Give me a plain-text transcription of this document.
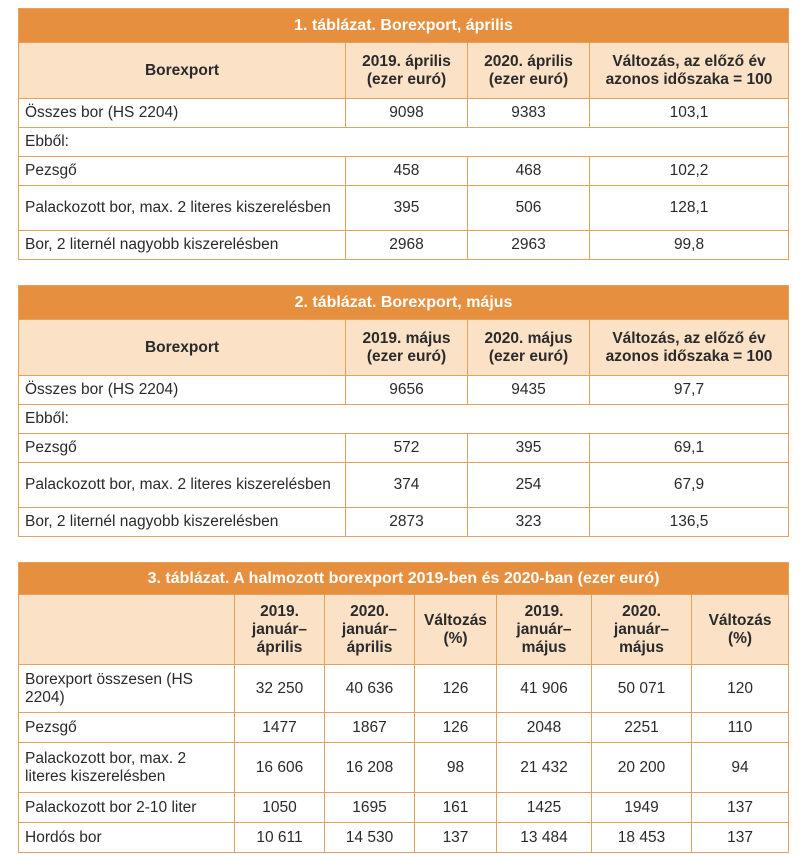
1. táblázat. Borexport, április			
Borexport	2019. április (ezer euró)	2020. április (ezer euró)	Változás, az előző év azonos időszaka = 100
Összes bor (HS 2204)	9098	9383	103,1
Ebből:			
Pezsgő	458	468	102,2
Palackozott bor, max. 2 literes kiszerelésben	395	506	128,1
Bor, 2 liternél nagyobb kiszerelésben	2968	2963	99,8
2. táblázat. Borexport, május			
Borexport	2019. május (ezer euró)	2020. május (ezer euró)	Változás, az előző év azonos időszaka = 100
Összes bor (HS 2204)	9656	9435	97,7
Ebből:			
Pezsgő	572	395	69,1
Palackozott bor, max. 2 literes kiszerelésben	374	254	67,9
Bor, 2 liternél nagyobb kiszerelésben	2873	323	136,5
3. táblázat. A halmozott borexport 2019-ben és 2020-ban (ezer euró)						
	2019. január–április	2020. január–április	Változás (%)	2019. január–május	2020. január–május	Változás (%)
Borexport összesen (HS 2204)	32 250	40 636	126	41 906	50 071	120
Pezsgő	1477	1867	126	2048	2251	110
Palackozott bor, max. 2 literes kiszerelésben	16 606	16 208	98	21 432	20 200	94
Palackozott bor 2-10 liter	1050	1695	161	1425	1949	137
Hordós bor	10 611	14 530	137	13 484	18 453	137
